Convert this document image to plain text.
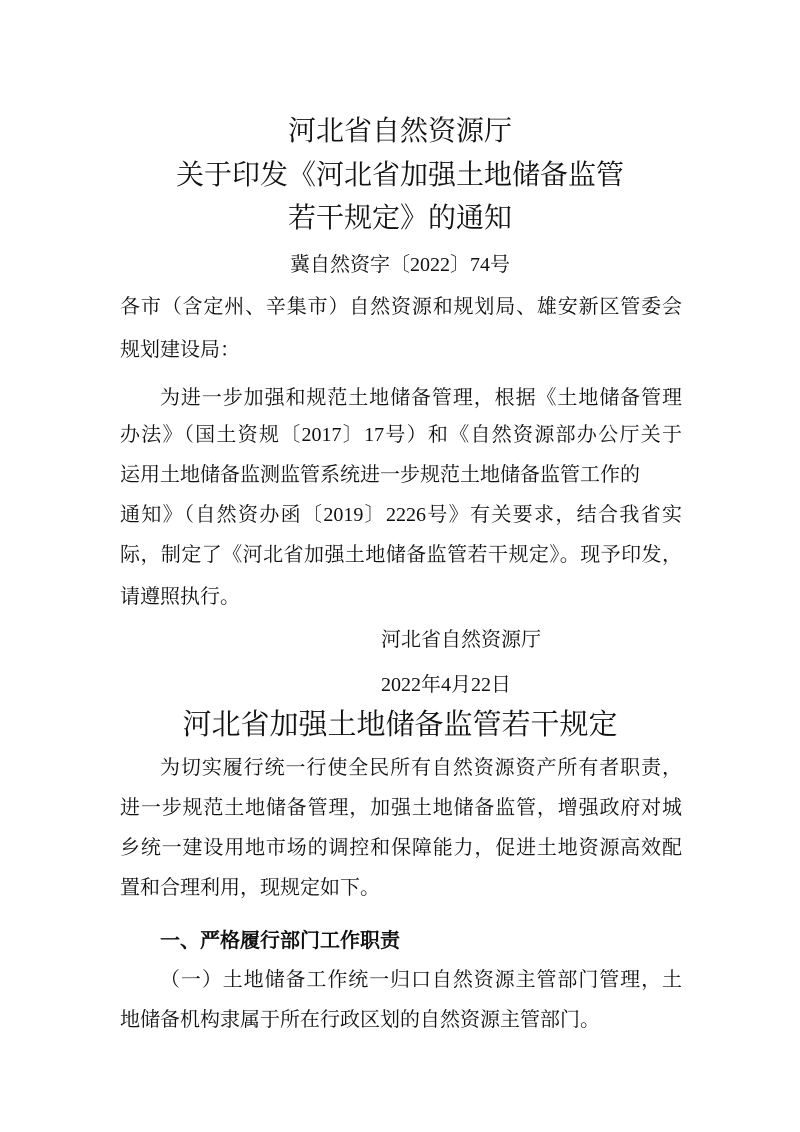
河北省自然资源厅
关于印发《河北省加强土地储备监管
若干规定》的通知
冀自然资字〔2022〕74号
各市（含定州、辛集市）自然资源和规划局、雄安新区管委会
规划建设局：
为进一步加强和规范土地储备管理，根据《土地储备管理
办法》（国土资规〔2017〕17号）和《自然资源部办公厅关于
运用土地储备监测监管系统进一步规范土地储备监管工作的
通知》（自然资办函〔2019〕2226号》有关要求，结合我省实
际，制定了《河北省加强土地储备监管若干规定》。现予印发，
请遵照执行。
河北省自然资源厅
2022年4月22日
河北省加强土地储备监管若干规定
为切实履行统一行使全民所有自然资源资产所有者职责，
进一步规范土地储备管理，加强土地储备监管，增强政府对城
乡统一建设用地市场的调控和保障能力，促进土地资源高效配
置和合理利用，现规定如下。
一、严格履行部门工作职责
（一）土地储备工作统一归口自然资源主管部门管理，土
地储备机构隶属于所在行政区划的自然资源主管部门。
